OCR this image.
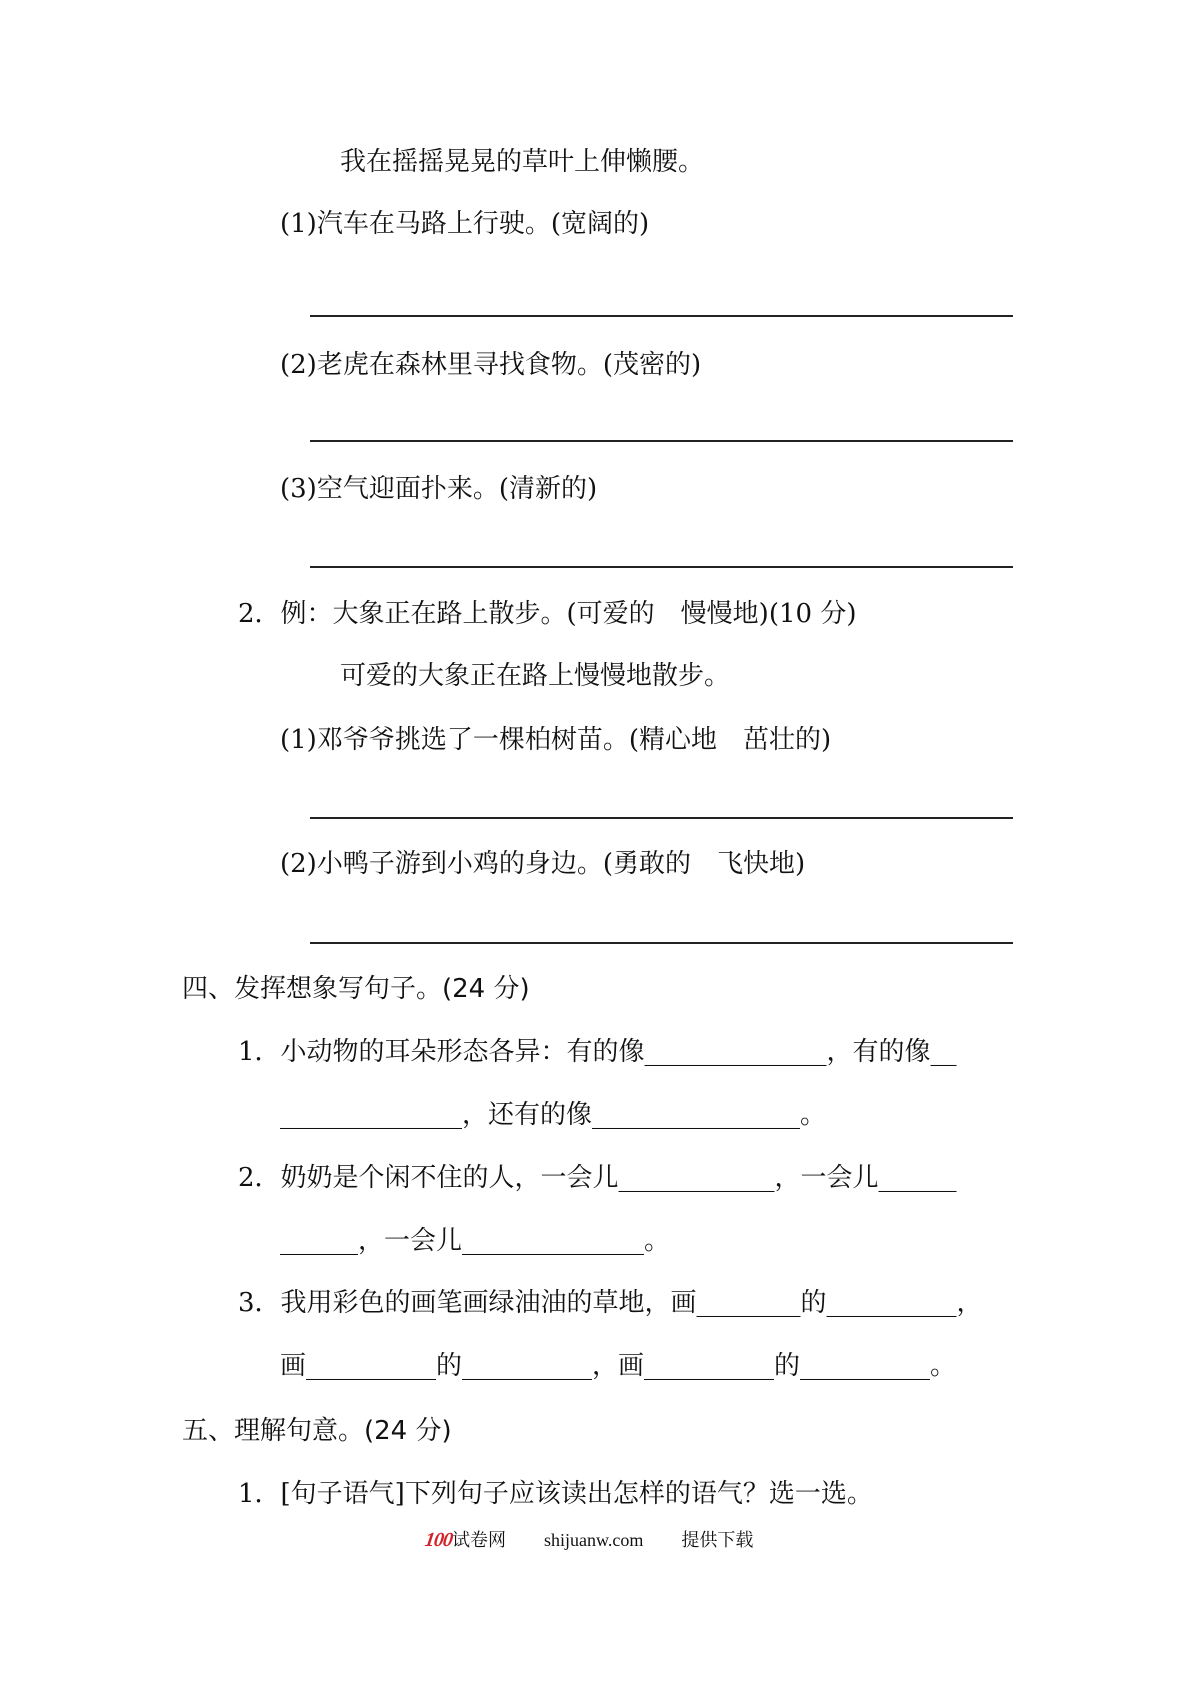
我在摇摇晃晃的草叶上伸懒腰。
(1)汽车在马路上行驶。(宽阔的)
(2)老虎在森林里寻找食物。(茂密的)
(3)空气迎面扑来。(清新的)
2．例：大象正在路上散步。(可爱的　慢慢地)(10 分)
可爱的大象正在路上慢慢地散步。
(1)邓爷爷挑选了一棵柏树苗。(精心地　茁壮的)
(2)小鸭子游到小鸡的身边。(勇敢的　飞快地)
四、发挥想象写句子。(24 分)
1．小动物的耳朵形态各异：有的像______________，有的像__
______________，还有的像________________。
2．奶奶是个闲不住的人，一会儿____________，一会儿______
______，一会儿______________。
3．我用彩色的画笔画绿油油的草地，画________的__________，
画__________的__________，画__________的__________。
五、理解句意。(24 分)
1．[句子语气]下列句子应该读出怎样的语气？选一选。
100试卷网 shijuanw.com 提供下载
